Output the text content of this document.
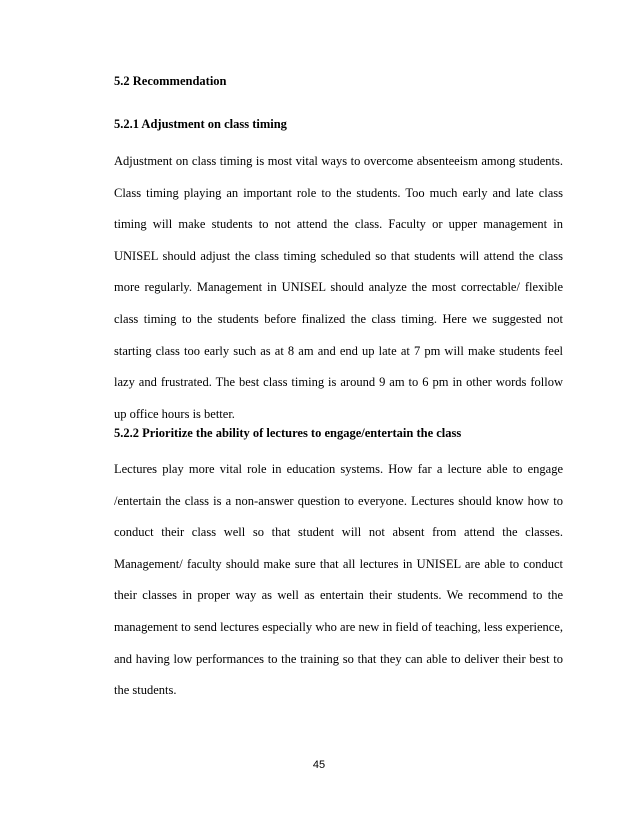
5.2 Recommendation
5.2.1 Adjustment on class timing
Adjustment on class timing is most vital ways to overcome absenteeism among students. Class timing playing an important role to the students. Too much early and late class timing will make students to not attend the class. Faculty or upper management in UNISEL should adjust the class timing scheduled so that students will attend the class more regularly. Management in UNISEL should analyze the most correctable/ flexible class timing to the students before finalized the class timing. Here we suggested not starting class too early such as at 8 am and end up late at 7 pm will make students feel lazy and frustrated. The best class timing is around 9 am to 6 pm in other words follow up office hours is better.
5.2.2 Prioritize the ability of lectures to engage/entertain the class
Lectures play more vital role in education systems. How far a lecture able to engage /entertain the class is a non-answer question to everyone. Lectures should know how to conduct their class well so that student will not absent from attend the classes. Management/ faculty should make sure that all lectures in UNISEL are able to conduct their classes in proper way as well as entertain their students. We recommend to the management to send lectures especially who are new in field of teaching, less experience, and having low performances to the training so that they can able to deliver their best to the students.
45
